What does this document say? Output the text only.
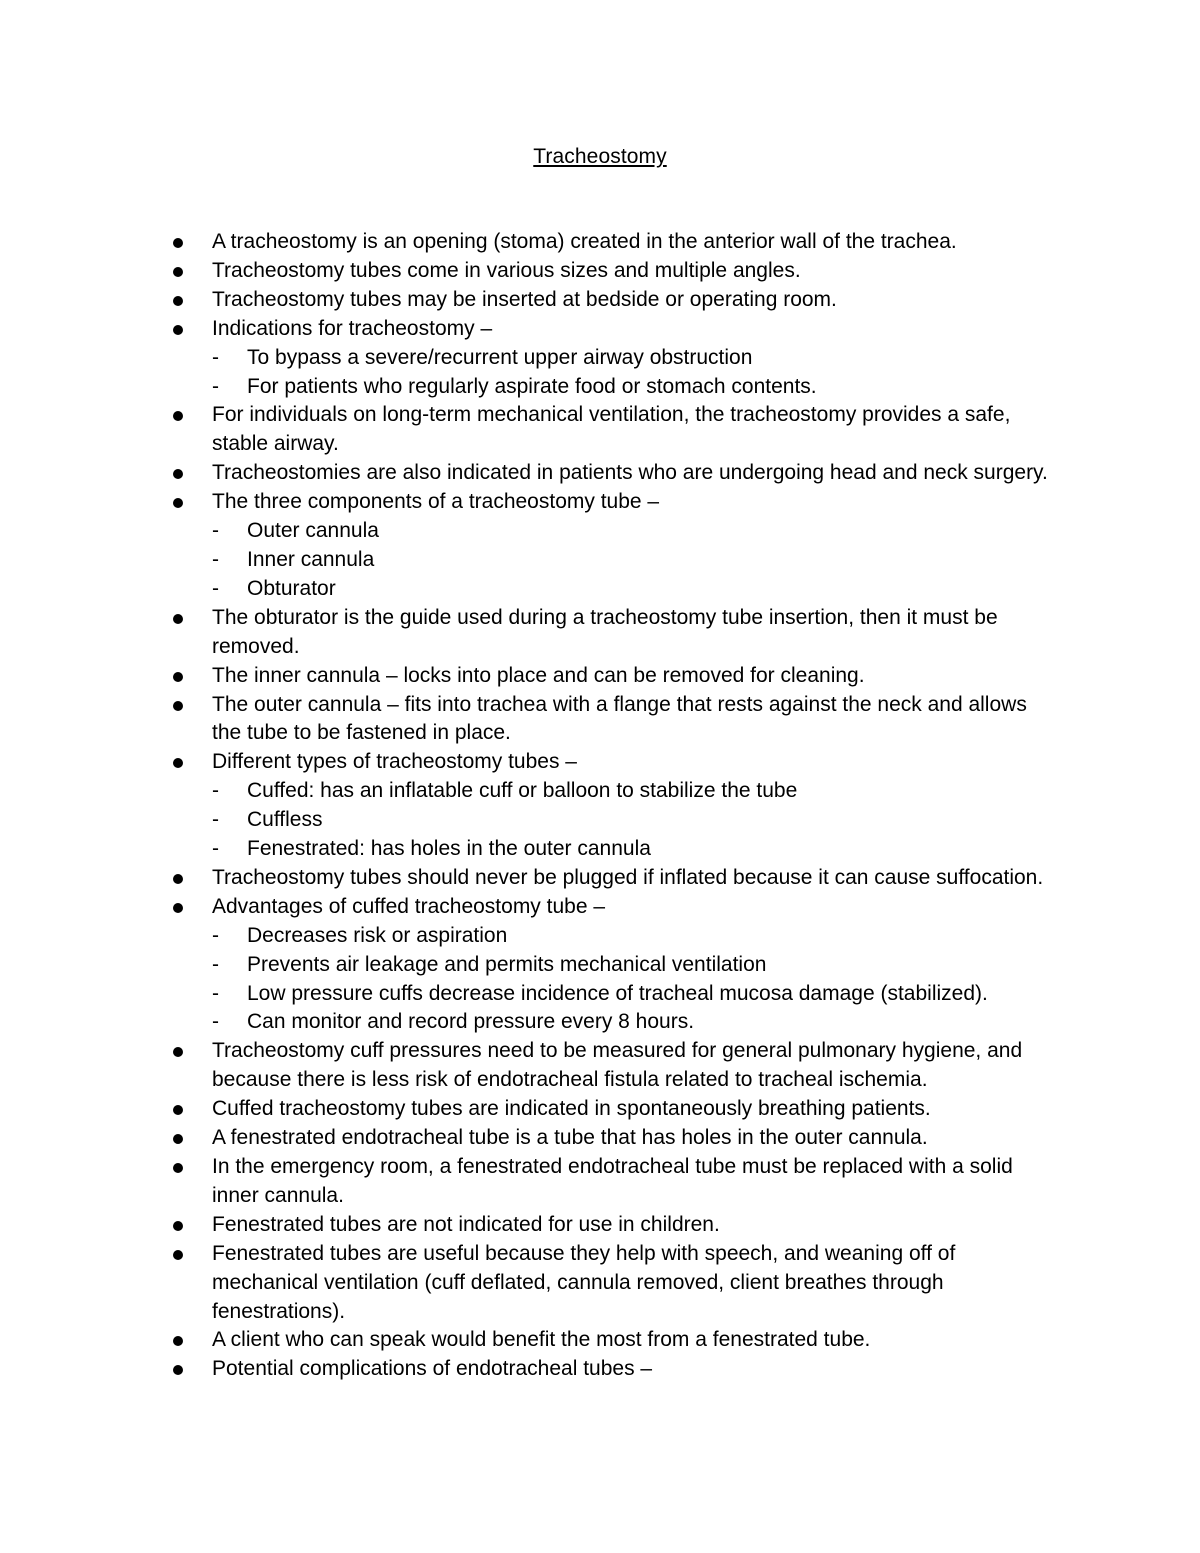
Tracheostomy
A tracheostomy is an opening (stoma) created in the anterior wall of the trachea.
Tracheostomy tubes come in various sizes and multiple angles.
Tracheostomy tubes may be inserted at bedside or operating room.
Indications for tracheostomy –
-	To bypass a severe/recurrent upper airway obstruction
-	For patients who regularly aspirate food or stomach contents.
For individuals on long-term mechanical ventilation, the tracheostomy provides a safe, stable airway.
Tracheostomies are also indicated in patients who are undergoing head and neck surgery.
The three components of a tracheostomy tube –
-	Outer cannula
-	Inner cannula
-	Obturator
The obturator is the guide used during a tracheostomy tube insertion, then it must be removed.
The inner cannula – locks into place and can be removed for cleaning.
The outer cannula – fits into trachea with a flange that rests against the neck and allows the tube to be fastened in place.
Different types of tracheostomy tubes –
-	Cuffed: has an inflatable cuff or balloon to stabilize the tube
-	Cuffless
-	Fenestrated: has holes in the outer cannula
Tracheostomy tubes should never be plugged if inflated because it can cause suffocation.
Advantages of cuffed tracheostomy tube –
-	Decreases risk or aspiration
-	Prevents air leakage and permits mechanical ventilation
-	Low pressure cuffs decrease incidence of tracheal mucosa damage (stabilized).
-	Can monitor and record pressure every 8 hours.
Tracheostomy cuff pressures need to be measured for general pulmonary hygiene, and because there is less risk of endotracheal fistula related to tracheal ischemia.
Cuffed tracheostomy tubes are indicated in spontaneously breathing patients.
A fenestrated endotracheal tube is a tube that has holes in the outer cannula.
In the emergency room, a fenestrated endotracheal tube must be replaced with a solid inner cannula.
Fenestrated tubes are not indicated for use in children.
Fenestrated tubes are useful because they help with speech, and weaning off of mechanical ventilation (cuff deflated, cannula removed, client breathes through fenestrations).
A client who can speak would benefit the most from a fenestrated tube.
Potential complications of endotracheal tubes –
